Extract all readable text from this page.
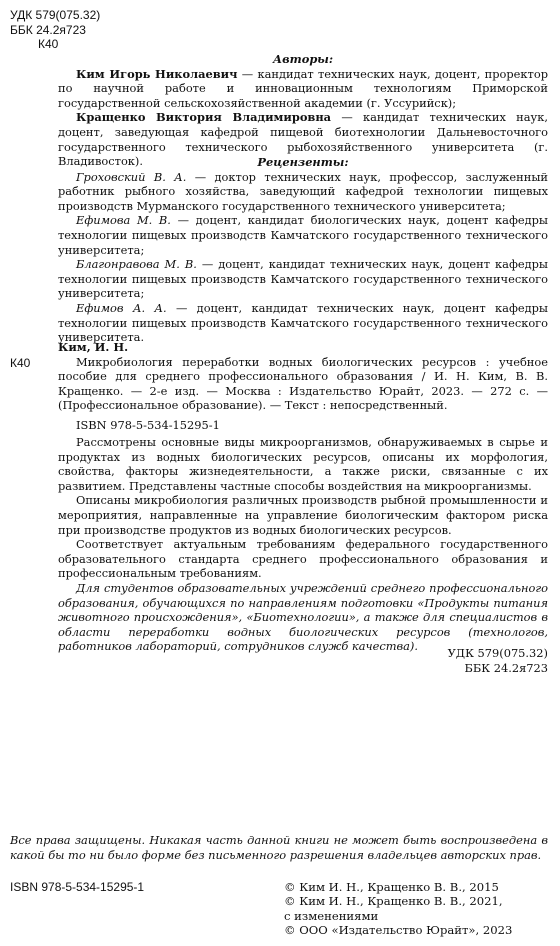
УДК 579(075.32)
ББК 24.2я723
К40
Авторы:

Ким Игорь Николаевич — кандидат технических наук, доцент, проректор по научной работе и инновационным технологиям Приморской государственной сельскохозяйственной академии (г. Уссурийск);

Кращенко Виктория Владимировна — кандидат технических наук, доцент, заведующая кафедрой пищевой биотехнологии Дальневосточного государственного технического рыбохозяйственного университета (г. Владивосток).	Рецензенты:

Гроховский В. А. — доктор технических наук, профессор, заслуженный работник рыбного хозяйства, заведующий кафедрой технологии пищевых производств Мурманского государственного технического университета;

Ефимова М. В. — доцент, кандидат биологических наук, доцент кафедры технологии пищевых производств Камчатского государственного технического университета;

Благонравова М. В. — доцент, кандидат технических наук, доцент кафедры технологии пищевых производств Камчатского государственного технического университета;

Ефимов А. А. — доцент, кандидат технических наук, доцент кафедры технологии пищевых производств Камчатского государственного технического университета.

К40
Ким, И. Н.

Микробиология переработки водных биологических ресурсов : учебное пособие для среднего профессионального образования / И. Н. Ким, В. В. Кращенко. — 2-е изд. — Москва : Издательство Юрайт, 2023. — 272 с. — (Профессиональное образование). — Текст : непосредственный.

ISBN 978-5-534-15295-1

Рассмотрены основные виды микроорганизмов, обнаруживаемых в сырье и продуктах из водных биологических ресурсов, описаны их морфология, свойства, факторы жизнедеятельности, а также риски, связанные с их развитием. Представлены частные способы воздействия на микроорганизмы.

Описаны микробиология различных производств рыбной промышленности и мероприятия, направленные на управление биологическим фактором риска при производстве продуктов из водных биологических ресурсов.

Соответствует актуальным требованиям федерального государственного образовательного стандарта среднего профессионального образования и профессиональным требованиям.

Для студентов образовательных учреждений среднего профессионального образования, обучающихся по направлениям подготовки «Продукты питания животного происхождения», «Биотехнологии», а также для специалистов в области переработки водных биологических ресурсов (технологов, работников лабораторий, сотрудников служб качества).	УДК 579(075.32)
ББК 24.2я723

Все права защищены. Никакая часть данной книги не может быть воспроизведена в какой бы то ни было форме без письменного разрешения владельцев авторских прав.

ISBN 978-5-534-15295-1	© Ким И. Н., Кращенко В. В., 2015
© Ким И. Н., Кращенко В. В., 2021,
с изменениями
© ООО «Издательство Юрайт», 2023
